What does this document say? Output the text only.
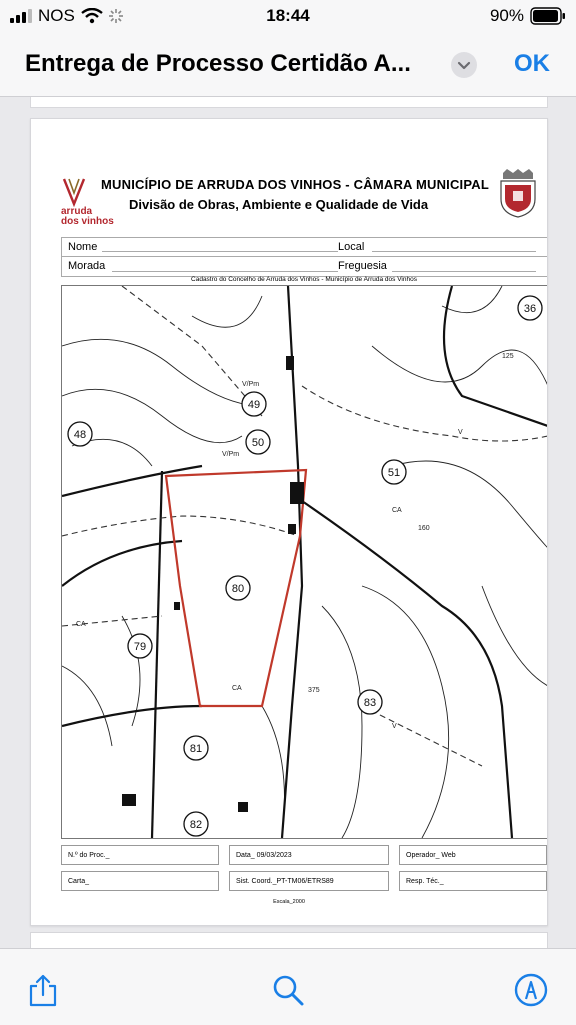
NOS	18:44	90%
Entrega de Processo Certidão A...	OK
MUNICÍPIO DE ARRUDA DOS VINHOS - CÂMARA MUNICIPAL
Divisão de Obras, Ambiente e Qualidade de Vida
arruda
dos vinhos
Nome	Local
Morada	Freguesia
Cadastro do Concelho de Arruda dos Vinhos - Município de Arruda dos Vinhos
36
48
49
50
51
79
80
81
83
82
V/Pm
V/Pm
CA
CA
CA
V
V
125
160
375
N.º do Proc._	Data_ 09/03/2023	Operador_ Web
Carta_	Sist. Coord._PT-TM06/ETRS89	Resp. Téc._
Escala_2000
